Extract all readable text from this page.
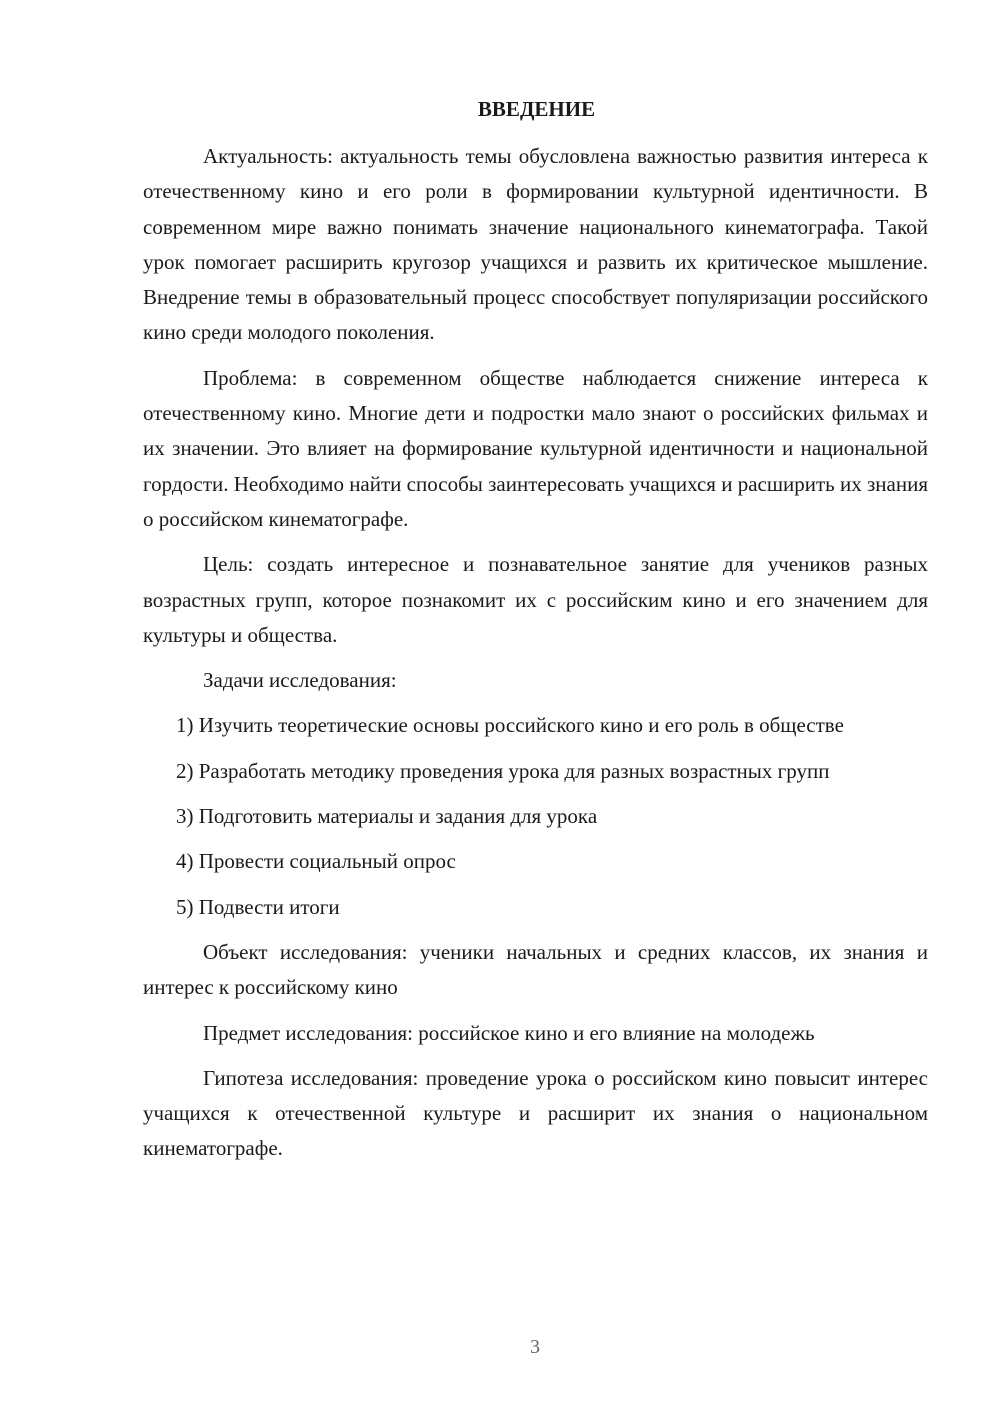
ВВЕДЕНИЕ

Актуальность: актуальность темы обусловлена важностью развития интереса к отечественному кино и его роли в формировании культурной идентичности. В современном мире важно понимать значение национального кинематографа. Такой урок помогает расширить кругозор учащихся и развить их критическое мышление. Внедрение темы в образовательный процесс способствует популяризации российского кино среди молодого поколения.

Проблема: в современном обществе наблюдается снижение интереса к отечественному кино. Многие дети и подростки мало знают о российских фильмах и их значении. Это влияет на формирование культурной идентичности и национальной гордости. Необходимо найти способы заинтересовать учащихся и расширить их знания о российском кинематографе.

Цель: создать интересное и познавательное занятие для учеников разных возрастных групп, которое познакомит их с российским кино и его значением для культуры и общества.

Задачи исследования:

1) Изучить теоретические основы российского кино и его роль в обществе

2) Разработать методику проведения урока для разных возрастных групп

3) Подготовить материалы и задания для урока

4) Провести социальный опрос

5) Подвести итоги

Объект исследования: ученики начальных и средних классов, их знания и интерес к российскому кино

Предмет исследования: российское кино и его влияние на молодежь

Гипотеза исследования: проведение урока о российском кино повысит интерес учащихся к отечественной культуре и расширит их знания о национальном кинематографе.

3
